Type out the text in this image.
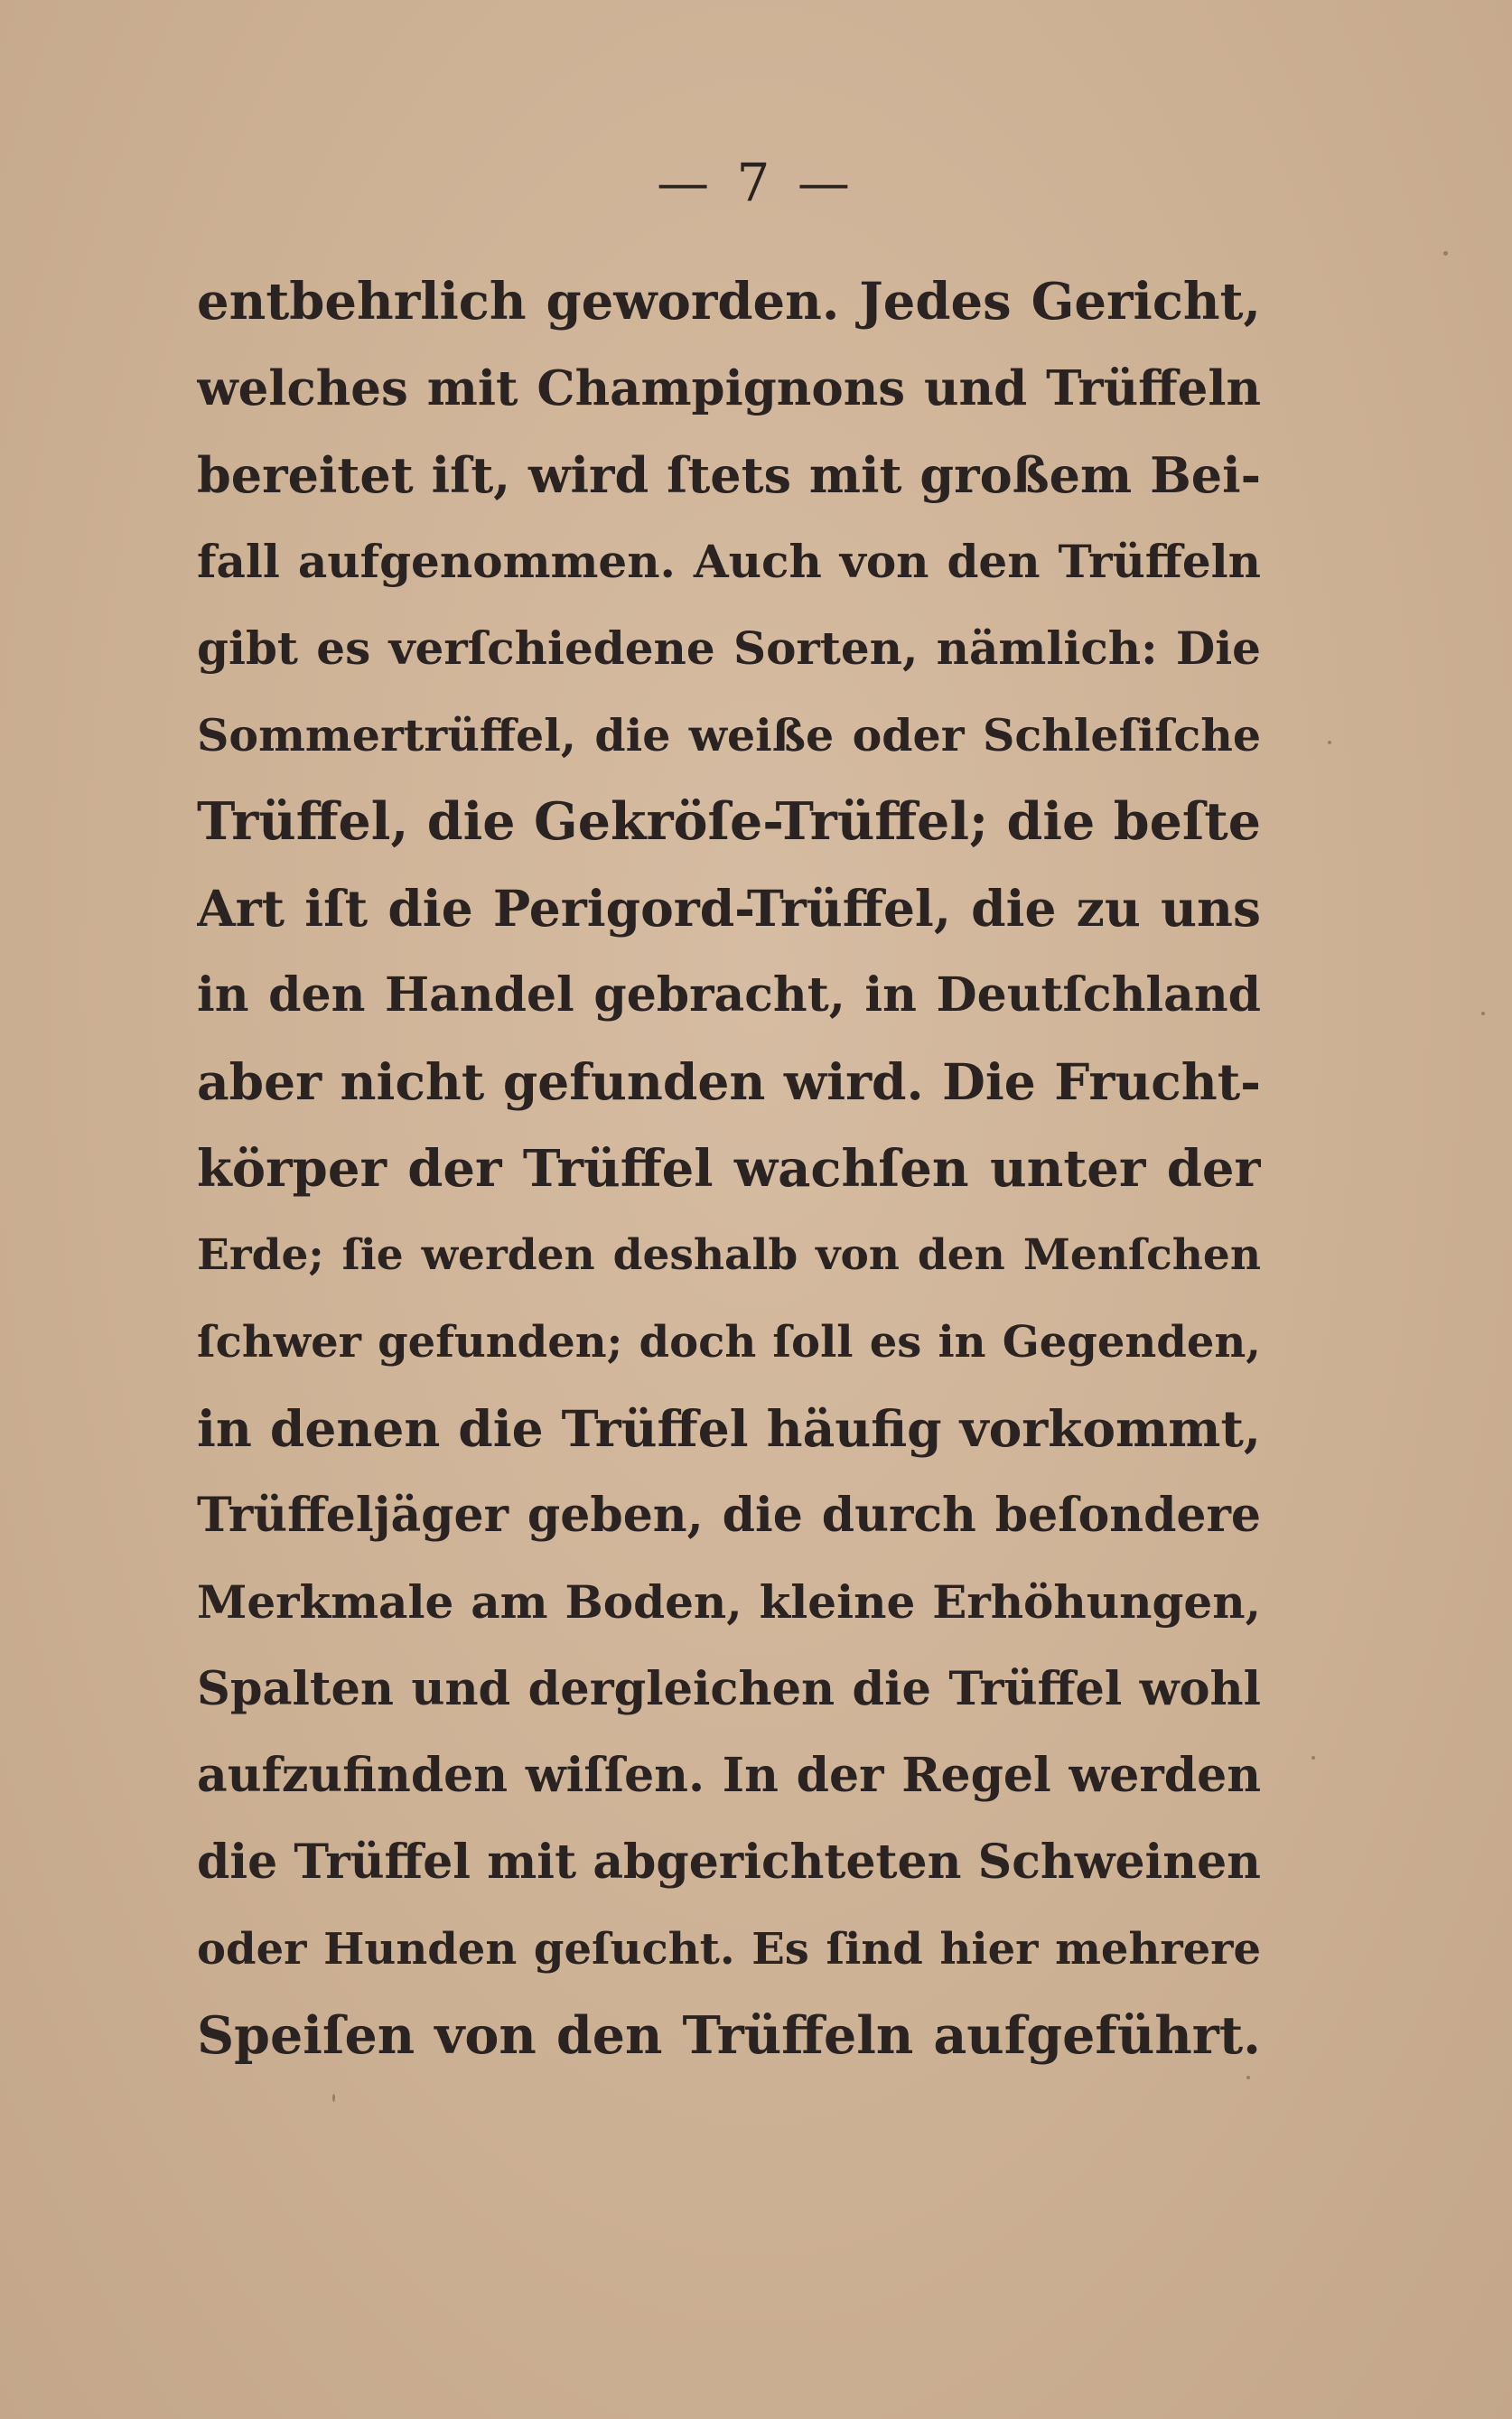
— 7 —
entbehrlich geworden. Jedes Gericht,
welches mit Champignons und Trüffeln
bereitet iſt, wird ſtets mit großem Bei-
fall aufgenommen. Auch von den Trüffeln
gibt es verſchiedene Sorten, nämlich: Die
Sommertrüffel, die weiße oder Schleſiſche
Trüffel, die Gekröſe-Trüffel; die beſte
Art iſt die Perigord-Trüffel, die zu uns
in den Handel gebracht, in Deutſchland
aber nicht gefunden wird. Die Frucht-
körper der Trüffel wachſen unter der
Erde; ſie werden deshalb von den Menſchen
ſchwer gefunden; doch ſoll es in Gegenden,
in denen die Trüffel häufig vorkommt,
Trüffeljäger geben, die durch beſondere
Merkmale am Boden, kleine Erhöhungen,
Spalten und dergleichen die Trüffel wohl
aufzufinden wiſſen. In der Regel werden
die Trüffel mit abgerichteten Schweinen
oder Hunden geſucht. Es ſind hier mehrere
Speiſen von den Trüffeln aufgeführt.
